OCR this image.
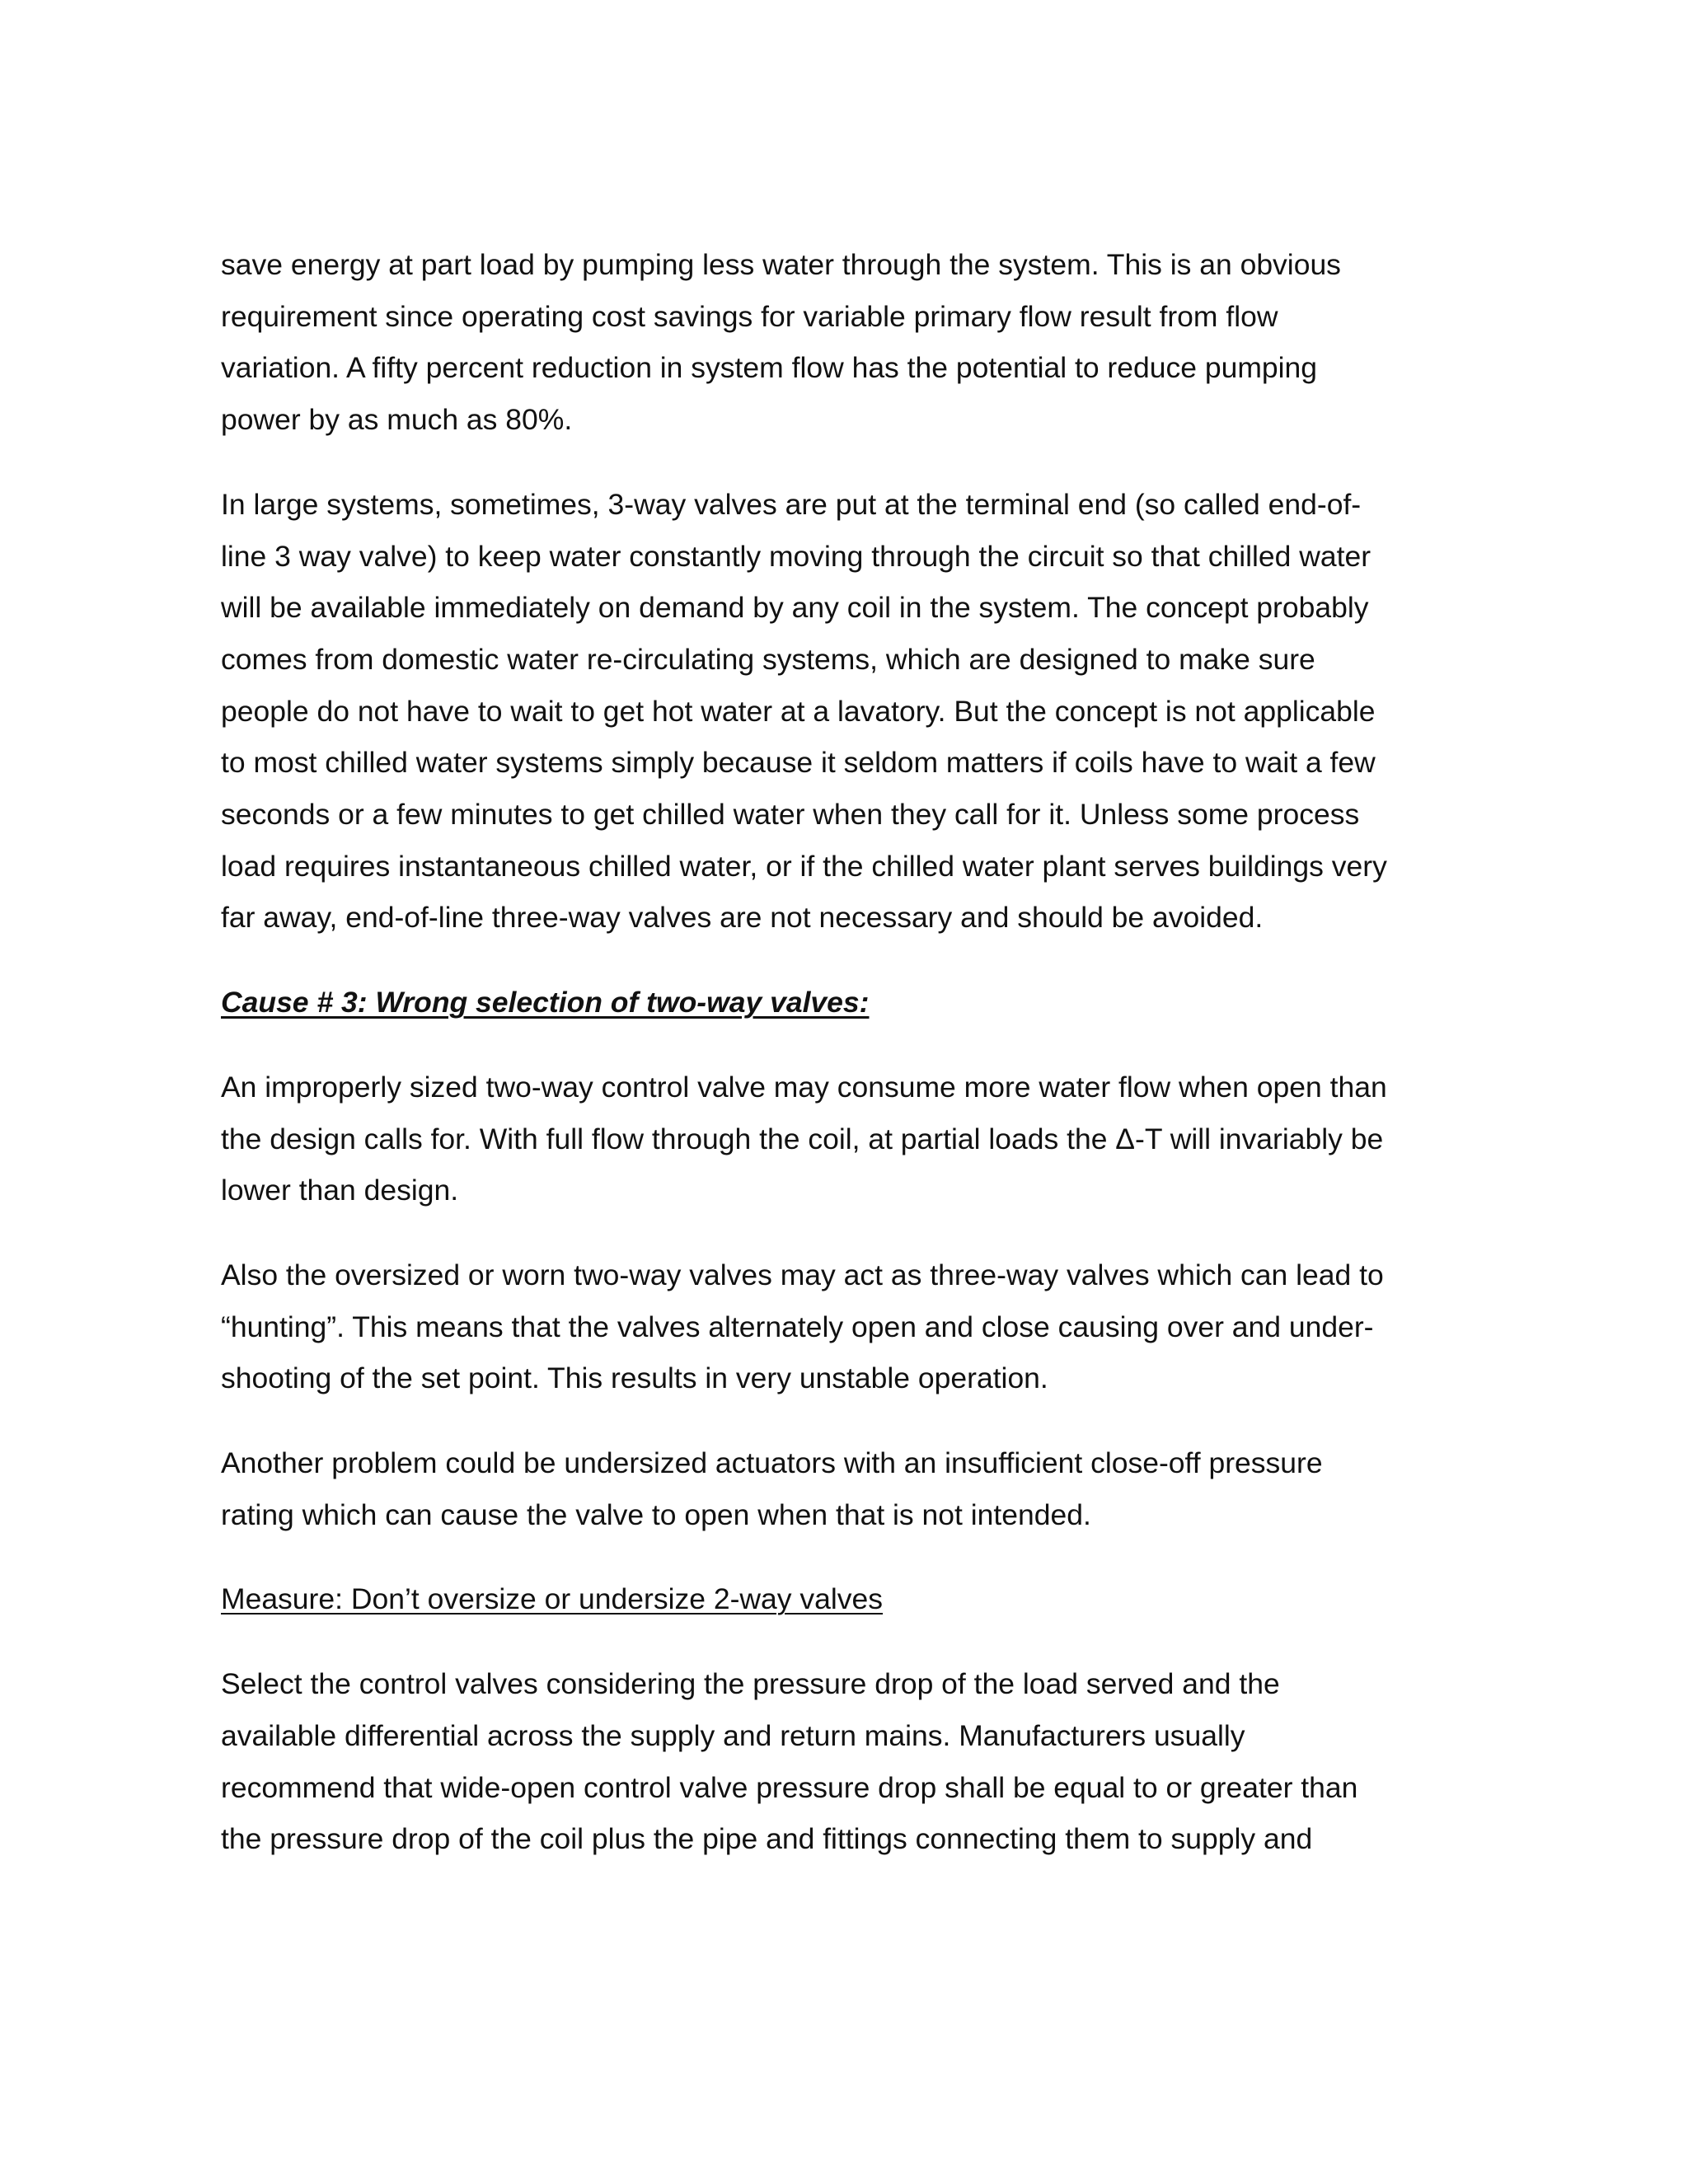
save energy at part load by pumping less water through the system. This is an obvious
requirement since operating cost savings for variable primary flow result from flow
variation. A fifty percent reduction in system flow has the potential to reduce pumping
power by as much as 80%.

In large systems, sometimes, 3-way valves are put at the terminal end (so called end-of-
line 3 way valve) to keep water constantly moving through the circuit so that chilled water
will be available immediately on demand by any coil in the system. The concept probably
comes from domestic water re-circulating systems, which are designed to make sure
people do not have to wait to get hot water at a lavatory. But the concept is not applicable
to most chilled water systems simply because it seldom matters if coils have to wait a few
seconds or a few minutes to get chilled water when they call for it. Unless some process
load requires instantaneous chilled water, or if the chilled water plant serves buildings very
far away, end-of-line three-way valves are not necessary and should be avoided.

Cause # 3: Wrong selection of two-way valves:

An improperly sized two-way control valve may consume more water flow when open than
the design calls for. With full flow through the coil, at partial loads the Δ-T will invariably be
lower than design.

Also the oversized or worn two-way valves may act as three-way valves which can lead to
“hunting”. This means that the valves alternately open and close causing over and under-
shooting of the set point. This results in very unstable operation.

Another problem could be undersized actuators with an insufficient close-off pressure
rating which can cause the valve to open when that is not intended.

Measure: Don’t oversize or undersize 2-way valves

Select the control valves considering the pressure drop of the load served and the
available differential across the supply and return mains. Manufacturers usually
recommend that wide-open control valve pressure drop shall be equal to or greater than
the pressure drop of the coil plus the pipe and fittings connecting them to supply and
